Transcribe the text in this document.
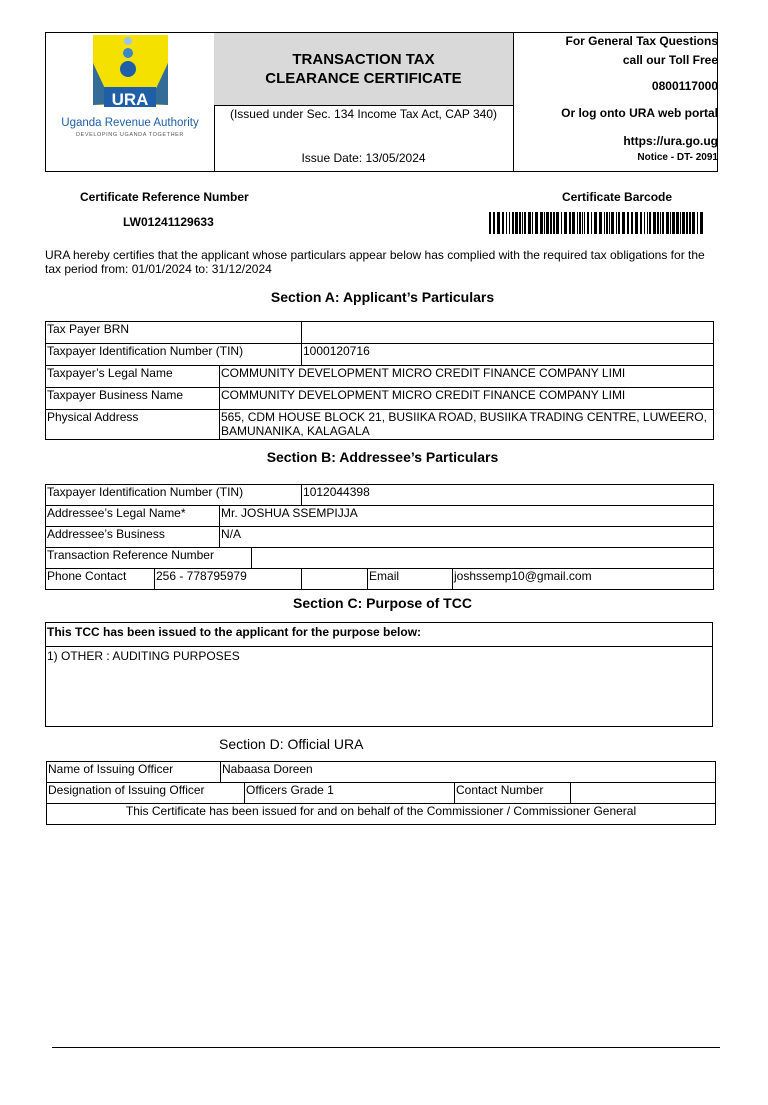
URA
Uganda Revenue Authority
DEVELOPING UGANDA TOGETHER
TRANSACTION TAX
CLEARANCE CERTIFICATE
(Issued under Sec. 134 Income Tax Act, CAP 340)
Issue Date: 13/05/2024
For General Tax Questions
call our Toll Free
0800117000
Or log onto URA web portal
https://ura.go.ug
Notice - DT- 2091
Certificate Reference Number
LW01241129633
Certificate Barcode
URA hereby certifies that the applicant whose particulars appear below has complied with the required tax obligations for the tax period from: 01/01/2024 to: 31/12/2024
Section A: Applicant’s Particulars
Tax Payer BRN		
Taxpayer Identification Number (TIN)		1000120716
Taxpayer’s Legal Name	COMMUNITY DEVELOPMENT MICRO CREDIT FINANCE COMPANY LIMI	
Taxpayer Business Name	COMMUNITY DEVELOPMENT MICRO CREDIT FINANCE COMPANY LIMI	
Physical Address	565, CDM HOUSE BLOCK 21, BUSIIKA ROAD, BUSIIKA TRADING CENTRE, LUWEERO, BAMUNANIKA, KALAGALA	
Section B: Addressee’s Particulars
Taxpayer Identification Number (TIN)				1012044398		
Addressee’s Legal Name*		Mr. JOSHUA SSEMPIJJA				
Addressee’s Business		N/A				
Transaction Reference Number						
Phone Contact	256 - 778795979				Email	joshssemp10@gmail.com
Section C: Purpose of TCC
This TCC has been issued to the applicant for the purpose below:
1) OTHER : AUDITING PURPOSES
Section D: Official URA
Name of Issuing Officer	Nabaasa Doreen			
Designation of Issuing Officer		Officers Grade 1	Contact Number	
This Certificate has been issued for and on behalf of the Commissioner / Commissioner General				
